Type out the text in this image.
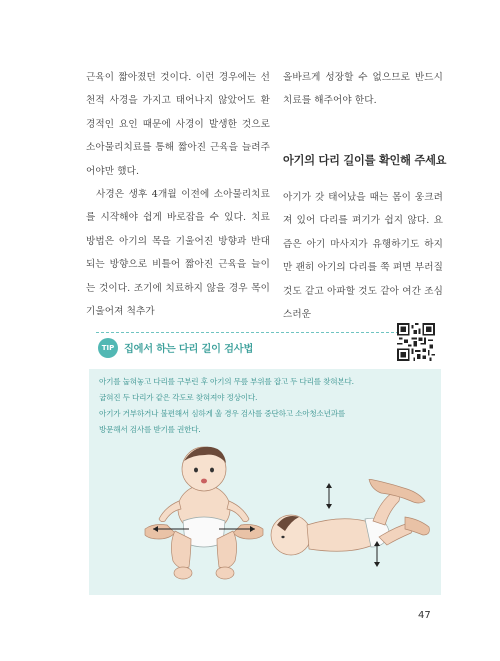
근육이 짧아졌던 것이다. 이런 경우에는 선천적 사경을 가지고 태어나지 않았어도 환경적인 요인 때문에 사경이 발생한 것으로 소아물리치료를 통해 짧아진 근육을 늘려주어야만 했다.

사경은 생후 4개월 이전에 소아물리치료를 시작해야 쉽게 바로잡을 수 있다. 치료 방법은 아기의 목을 기울어진 방향과 반대되는 방향으로 비틀어 짧아진 근육을 늘이는 것이다. 조기에 치료하지 않을 경우 목이 기울어져 척추가

올바르게 성장할 수 없으므로 반드시 치료를 해주어야 한다.

아기가 갓 태어났을 때는 몸이 웅크려져 있어 다리를 펴기가 쉽지 않다. 요즘은 아기 마사지가 유행하기도 하지만 괜히 아기의 다리를 쭉 펴면 부러질 것도 같고 아파할 것도 같아 여간 조심스러운

아기의 다리 길이를 확인해 주세요
TIP 집에서 하는 다리 길이 검사법
아기를 눕혀놓고 다리를 구부린 후 아기의 무릎 부위를 잡고 두 다리를 찾혀본다.
굽혀진 두 다리가 같은 각도로 찾혀져야 정상이다.
아기가 거부하거나 불편해서 심하게 울 경우 검사를 중단하고 소아청소년과를
방문해서 검사를 받기를 권한다.
47
